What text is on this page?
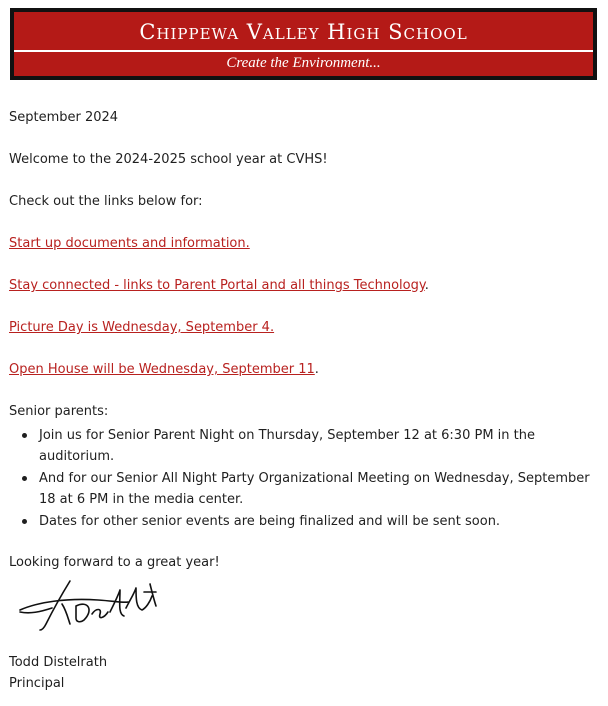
Chippewa Valley High School
Create the Environment...
September 2024
Welcome to the 2024-2025 school year at CVHS!
Check out the links below for:
Start up documents and information.
Stay connected - links to Parent Portal and all things Technology.
Picture Day is Wednesday, September 4.
Open House will be Wednesday, September 11.
Senior parents:
Join us for Senior Parent Night on Thursday, September 12 at 6:30 PM in the auditorium.
And for our Senior All Night Party Organizational Meeting on Wednesday, September 18 at 6 PM in the media center.
Dates for other senior events are being finalized and will be sent soon.
Looking forward to a great year!
Todd Distelrath
Principal
